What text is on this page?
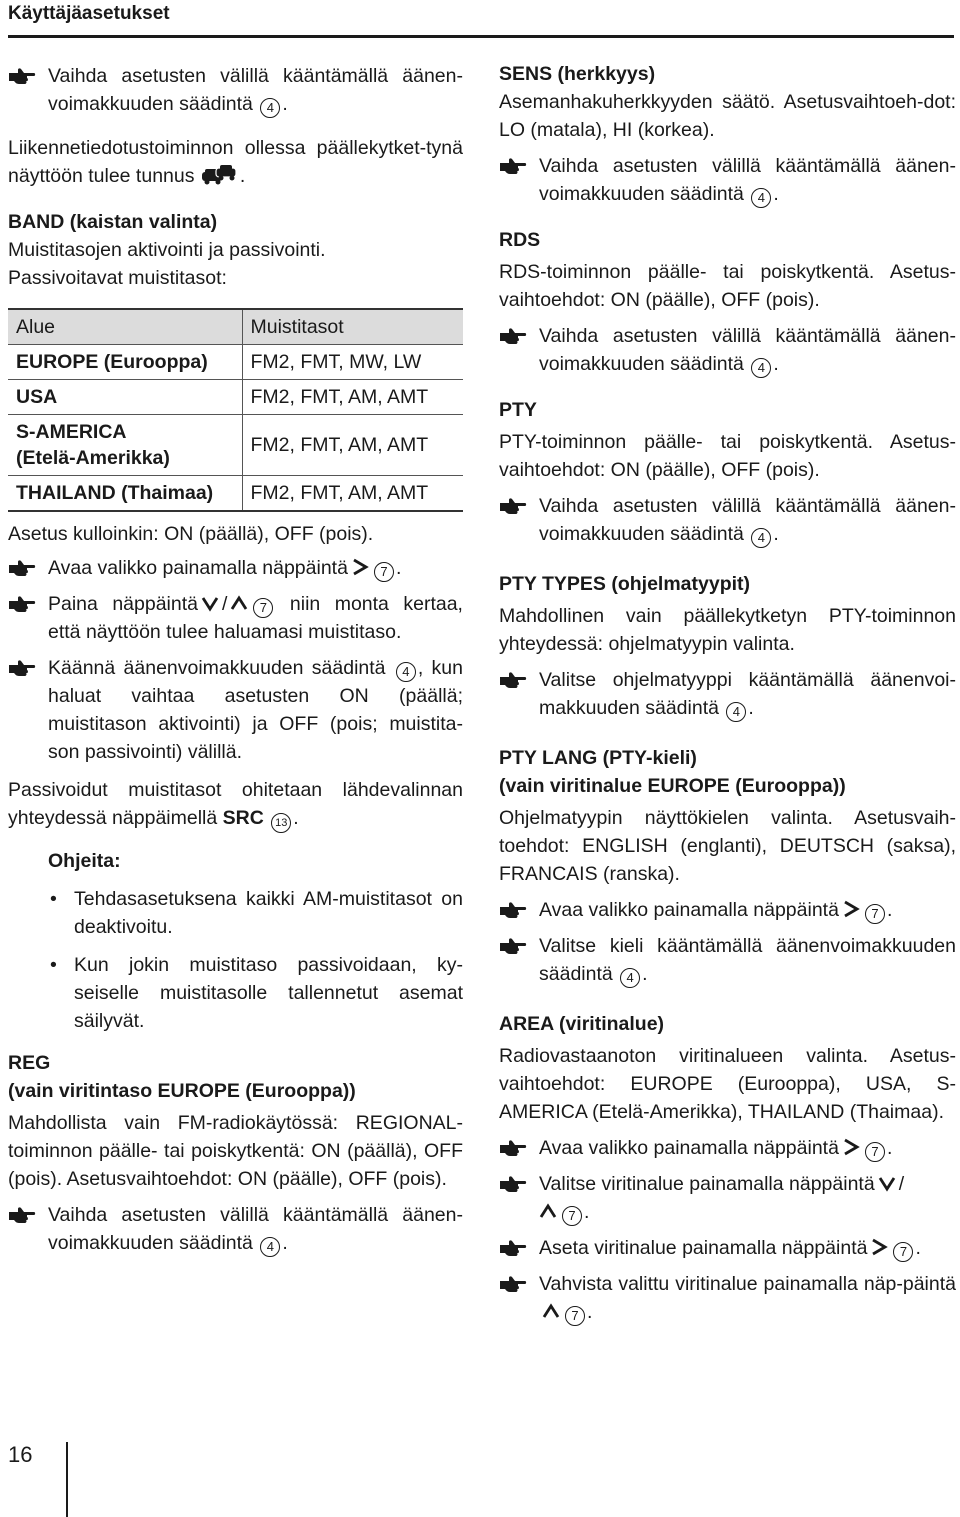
Käyttäjäasetukset
Vaihda asetusten välillä kääntämällä äänen-voimakkuuden säädintä 4 .

Liikennetiedotustoiminnon ollessa päällekytket-tynä näyttöön tulee tunnus .

BAND (kaistan valinta)

Muistitasojen aktivointi ja passivointi.

Passivoitavat muistitasot:

Alue	Muistitasot
EUROPE (Eurooppa)	FM2, FMT, MW, LW
USA	FM2, FMT, AM, AMT
S-AMERICA (Etelä-Amerikka)	FM2, FMT, AM, AMT
THAILAND (Thaimaa)	FM2, FMT, AM, AMT

Asetus kulloinkin: ON (päällä), OFF (pois).

Avaa valikko painamalla näppäintä 7 .
Paina näppäintä / 7 niin monta kertaa, että näyttöön tulee haluamasi muistitaso.
Käännä äänenvoimakkuuden säädintä 4 , kun haluat vaihtaa asetusten ON (päällä; muistitason aktivointi) ja OFF (pois; muistita-son passivointi) välillä.

Passivoidut muistitasot ohitetaan lähdevalinnan yhteydessä näppäimellä SRC 13 .

Ohjeita:
• Tehdasasetuksena kaikki AM-muistitasot on deaktivoitu.
• Kun jokin muistitaso passivoidaan, ky-seiselle muistitasolle tallennetut asemat säilyvät.

REG

(vain viritintaso EUROPE (Eurooppa))

Mahdollista vain FM-radiokäytössä: REGIONAL-toiminnon päälle- tai poiskytkentä: ON (päällä), OFF (pois). Asetusvaihtoehdot: ON (päälle), OFF (pois).

Vaihda asetusten välillä kääntämällä äänen-voimakkuuden säädintä 4 .

SENS (herkkyys)

Asemanhakuherkkyyden säätö. Asetusvaihtoeh-dot: LO (matala), HI (korkea).

Vaihda asetusten välillä kääntämällä äänen-voimakkuuden säädintä 4 .

RDS

RDS-toiminnon päälle- tai poiskytkentä. Asetus-vaihtoehdot: ON (päälle), OFF (pois).

Vaihda asetusten välillä kääntämällä äänen-voimakkuuden säädintä 4 .

PTY

PTY-toiminnon päälle- tai poiskytkentä. Asetus-vaihtoehdot: ON (päälle), OFF (pois).

Vaihda asetusten välillä kääntämällä äänen-voimakkuuden säädintä 4 .

PTY TYPES (ohjelmatyypit)

Mahdollinen vain päällekytketyn PTY-toiminnon yhteydessä: ohjelmatyypin valinta.

Valitse ohjelmatyyppi kääntämällä äänenvoi-makkuuden säädintä 4 .

PTY LANG (PTY-kieli)

(vain viritinalue EUROPE (Eurooppa))

Ohjelmatyypin näyttökielen valinta. Asetusvaih-toehdot: ENGLISH (englanti), DEUTSCH (saksa), FRANCAIS (ranska).

Avaa valikko painamalla näppäintä 7 .
Valitse kieli kääntämällä äänenvoimakkuuden säädintä 4 .

AREA (viritinalue)

Radiovastaanoton viritinalueen valinta. Asetus-vaihtoehdot: EUROPE (Eurooppa), USA, S-AMERICA (Etelä-Amerikka), THAILAND (Thaimaa).

Avaa valikko painamalla näppäintä 7 .
Valitse viritinalue painamalla näppäintä /
7 .
Aseta viritinalue painamalla näppäintä 7 .
Vahvista valittu viritinalue painamalla näp-päintä7 .
16
